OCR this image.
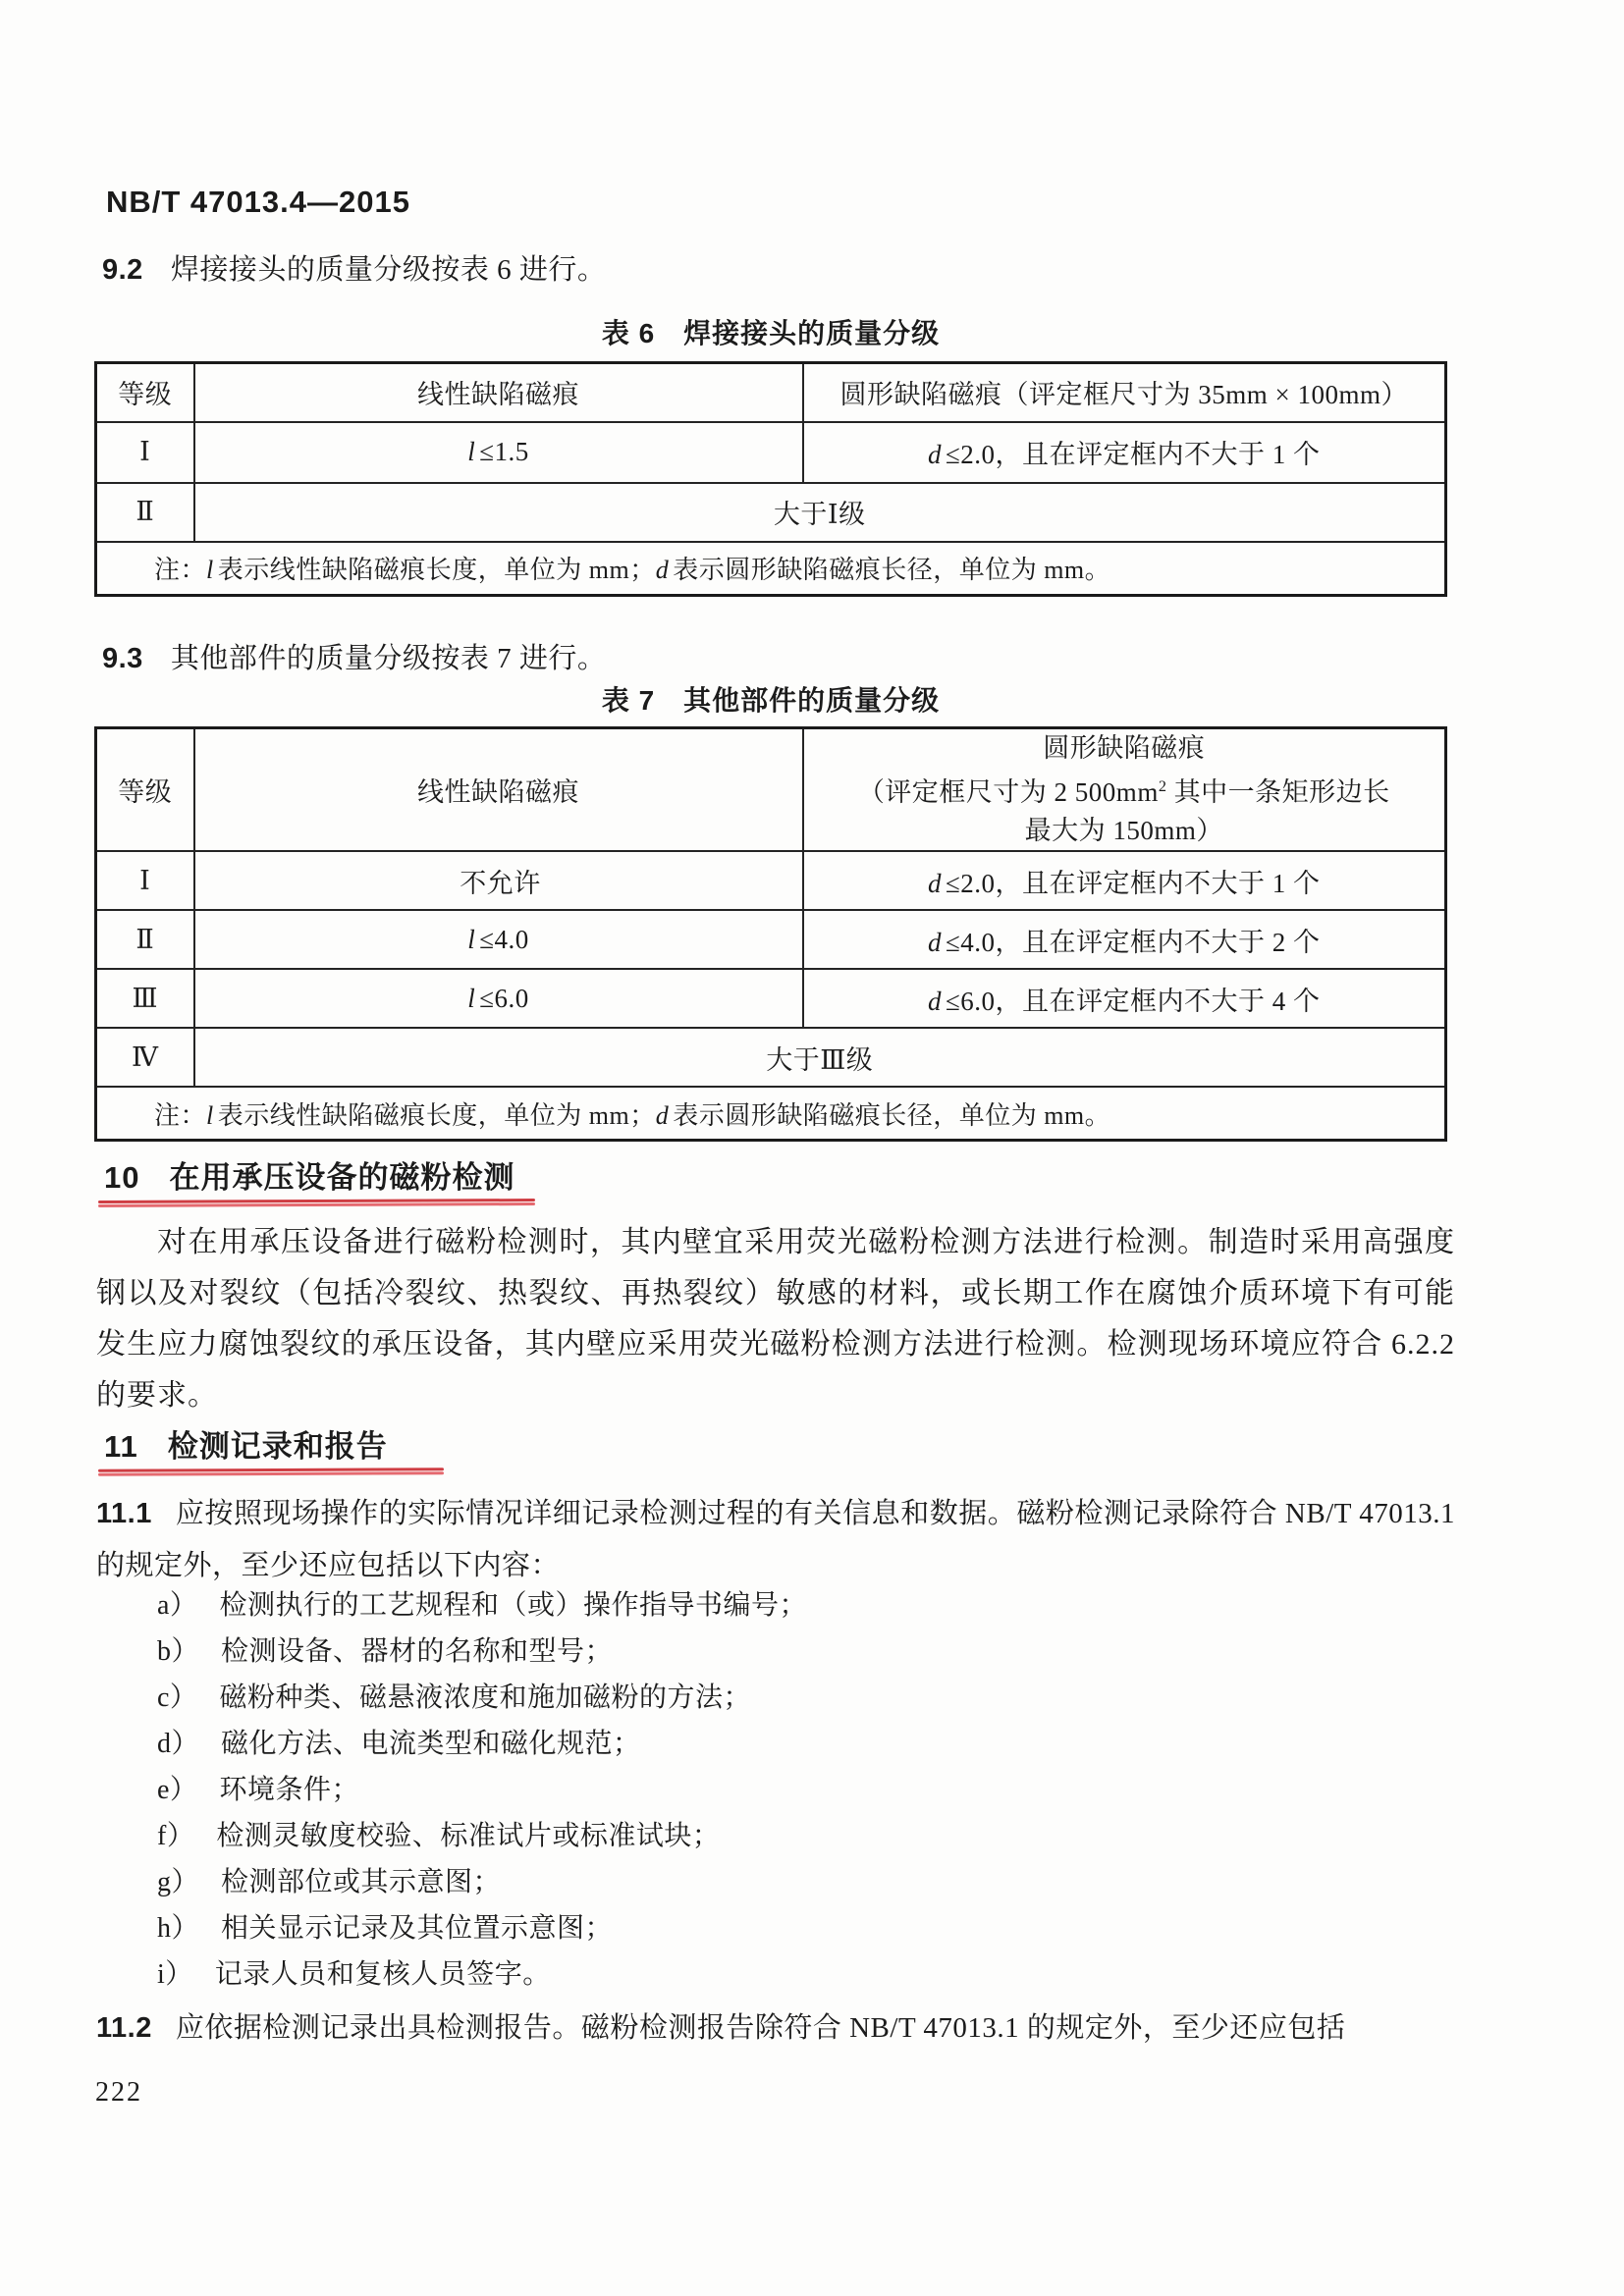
NB/T 47013.4—2015
9.2 焊接接头的质量分级按表 6 进行。
表 6　焊接接头的质量分级
等级	线性缺陷磁痕	圆形缺陷磁痕（评定框尺寸为 35mm × 100mm）
Ⅰ	l ≤1.5	d ≤2.0，且在评定框内不大于 1 个
Ⅱ	大于Ⅰ级	
注：l 表示线性缺陷磁痕长度，单位为 mm；d 表示圆形缺陷磁痕长径，单位为 mm。		
9.3 其他部件的质量分级按表 7 进行。
表 7　其他部件的质量分级
等级	线性缺陷磁痕	圆形缺陷磁痕
（评定框尺寸为 2 $500mm^2$ 其中一条矩形边长
最大为 150mm）

Ⅰ	不允许	d ≤2.0，且在评定框内不大于 1 个
Ⅱ	l ≤4.0	d ≤4.0，且在评定框内不大于 2 个
Ⅲ	l ≤6.0	d ≤6.0，且在评定框内不大于 4 个
Ⅳ	大于Ⅲ级	
注：l 表示线性缺陷磁痕长度，单位为 mm；d 表示圆形缺陷磁痕长径，单位为 mm。		
10 在用承压设备的磁粉检测
对在用承压设备进行磁粉检测时，其内壁宜采用荧光磁粉检测方法进行检测。制造时采用高强度钢以及对裂纹（包括冷裂纹、热裂纹、再热裂纹）敏感的材料，或长期工作在腐蚀介质环境下有可能发生应力腐蚀裂纹的承压设备，其内壁应采用荧光磁粉检测方法进行检测。检测现场环境应符合 6.2.2 的要求。
11 检测记录和报告
11.1 应按照现场操作的实际情况详细记录检测过程的有关信息和数据。磁粉检测记录除符合 NB/T 47013.1 的规定外，至少还应包括以下内容：
a） 检测执行的工艺规程和（或）操作指导书编号；
b） 检测设备、器材的名称和型号；
c） 磁粉种类、磁悬液浓度和施加磁粉的方法；
d） 磁化方法、电流类型和磁化规范；
e） 环境条件；
f） 检测灵敏度校验、标准试片或标准试块；
g） 检测部位或其示意图；
h） 相关显示记录及其位置示意图；
i） 记录人员和复核人员签字。
11.2 应依据检测记录出具检测报告。磁粉检测报告除符合 NB/T 47013.1 的规定外，至少还应包括
222
